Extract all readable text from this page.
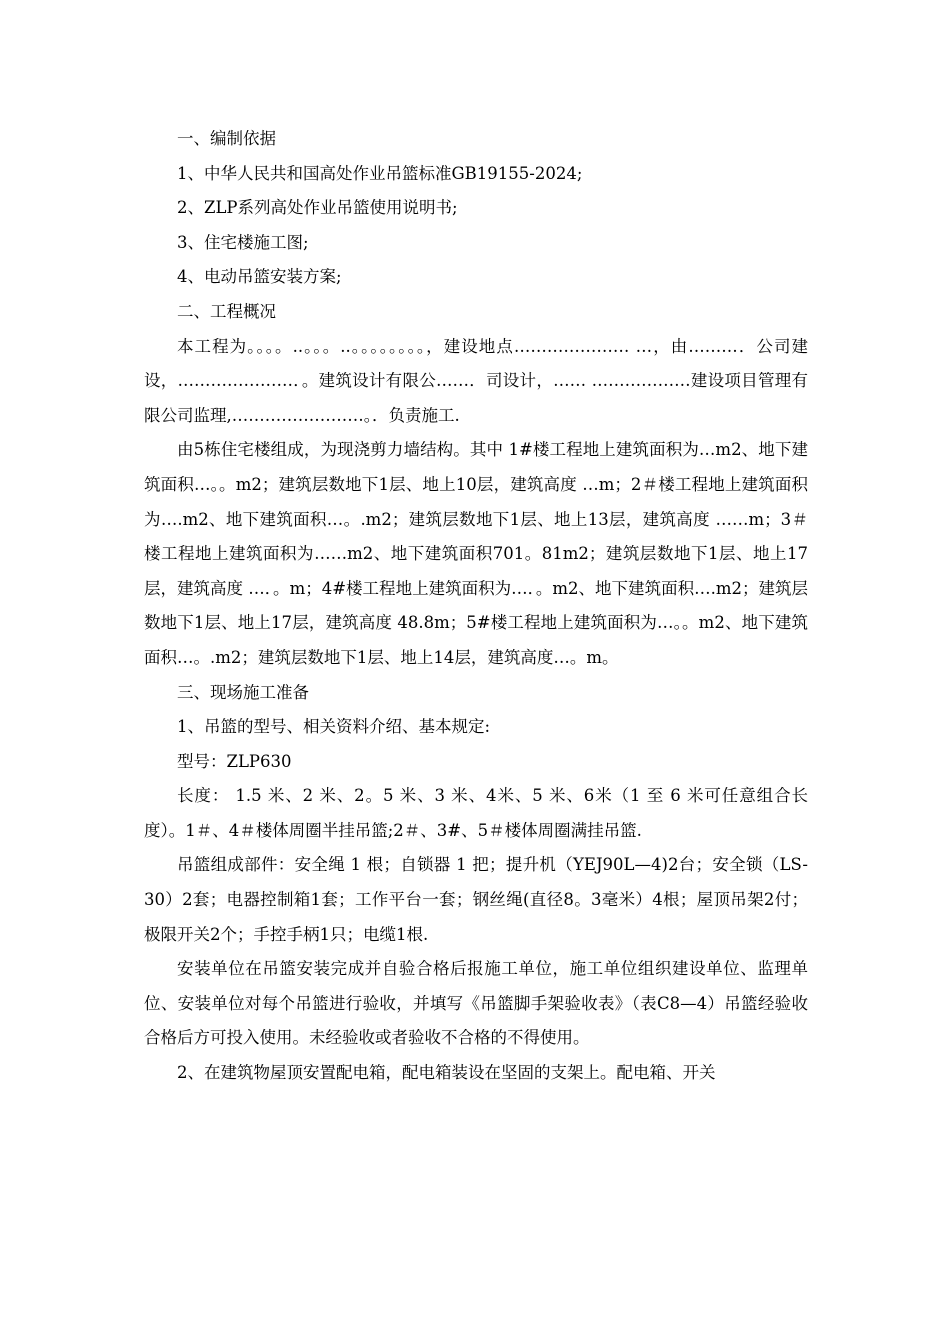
一、编制依据

1、中华人民共和国高处作业吊篮标准GB19155-2024;

2、ZLP系列高处作业吊篮使用说明书;

3、住宅楼施工图;

4、电动吊篮安装方案;

二、工程概况

本工程为。。。。..。。。..。。。。。。。。，建设地点………………… …，由………．公司建设，…………………．。建筑设计有限公……．司设计，…… ………………建设项目管理有限公司监理,……………………。．负责施工.

由5栋住宅楼组成，为现浇剪力墙结构。其中 1#楼工程地上建筑面积为…m2、地下建筑面积…。。m2；建筑层数地下1层、地上10层，建筑高度 …m；2＃楼工程地上建筑面积为….m2、地下建筑面积…。.m2；建筑层数地下1层、地上13层，建筑高度 ……m；3＃楼工程地上建筑面积为……m2、地下建筑面积701。81m2；建筑层数地下1层、地上17层，建筑高度 …．。m；4#楼工程地上建筑面积为…．。m2、地下建筑面积….m2；建筑层数地下1层、地上17层，建筑高度 48.8m；5#楼工程地上建筑面积为…。。m2、地下建筑面积…。.m2；建筑层数地下1层、地上14层，建筑高度…。m。

三、现场施工准备

1、吊篮的型号、相关资料介绍、基本规定:

型号：ZLP630

长度： 1.5 米、2 米、2。5 米、3 米、4米、5 米、6米（1 至 6 米可任意组合长度）。1＃、4＃楼体周圈半挂吊篮;2＃、3#、5＃楼体周圈满挂吊篮.

吊篮组成部件：安全绳 1 根；自锁器 1 把；提升机（YEJ90L—4)2台；安全锁（LS-30）2套；电器控制箱1套；工作平台一套；钢丝绳(直径8。3毫米）4根；屋顶吊架2付；极限开关2个；手控手柄1只；电缆1根.

安装单位在吊篮安装完成并自验合格后报施工单位，施工单位组织建设单位、监理单位、安装单位对每个吊篮进行验收，并填写《吊篮脚手架验收表》（表C8—4）吊篮经验收合格后方可投入使用。未经验收或者验收不合格的不得使用。

2、在建筑物屋顶安置配电箱，配电箱装设在坚固的支架上。配电箱、开关
